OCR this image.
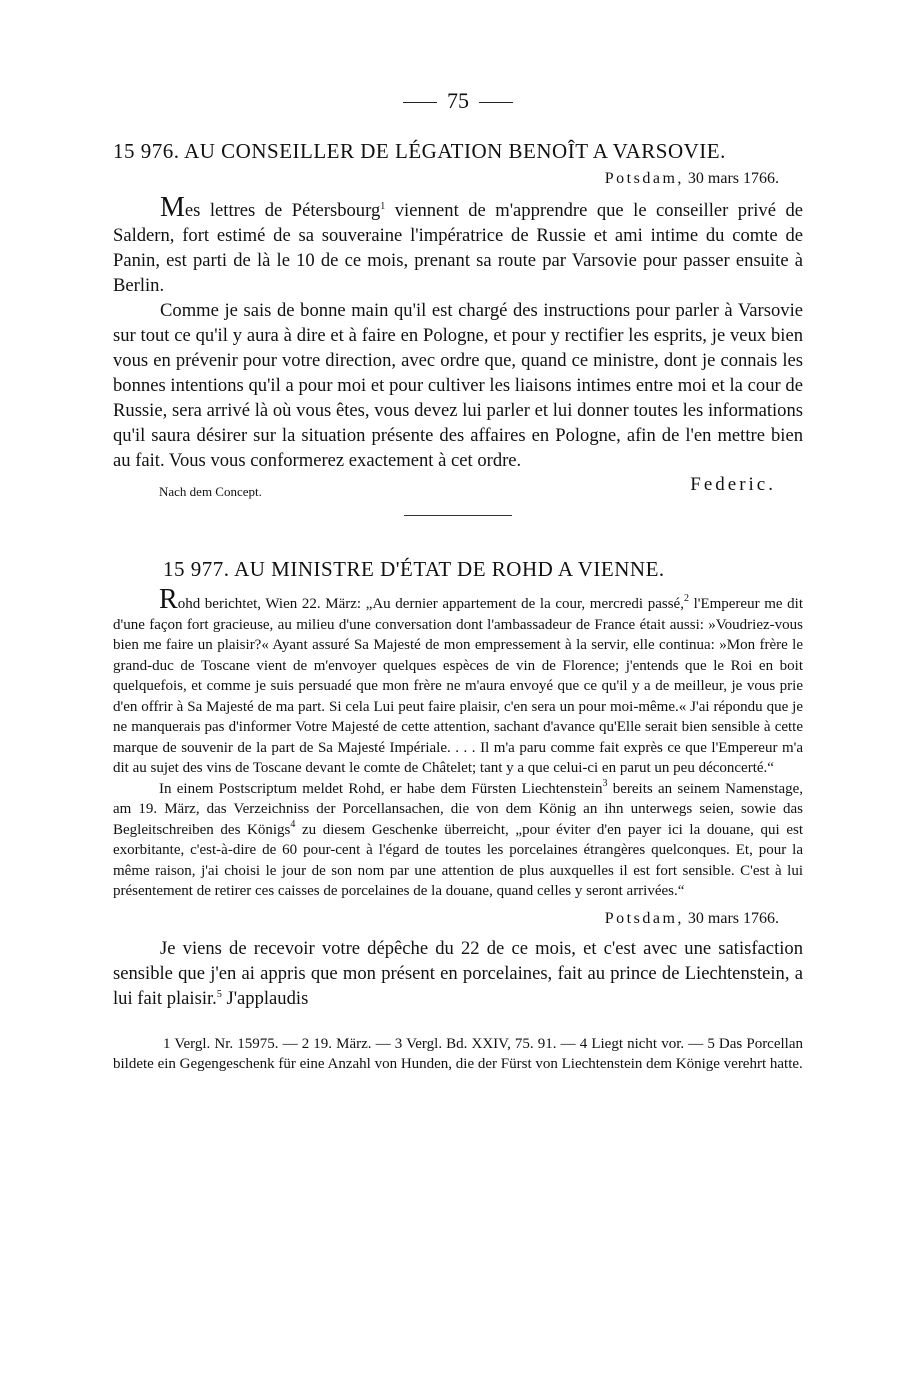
75
15 976. AU CONSEILLER DE LÉGATION BENOÎT A VARSOVIE.
Potsdam, 30 mars 1766.

Mes lettres de Pétersbourg$^1$ viennent de m'apprendre que le conseiller privé de Saldern, fort estimé de sa souveraine l'impératrice de Russie et ami intime du comte de Panin, est parti de là le 10 de ce mois, prenant sa route par Varsovie pour passer ensuite à Berlin.

Comme je sais de bonne main qu'il est chargé des instructions pour parler à Varsovie sur tout ce qu'il y aura à dire et à faire en Pologne, et pour y rectifier les esprits, je veux bien vous en prévenir pour votre direction, avec ordre que, quand ce ministre, dont je connais les bonnes intentions qu'il a pour moi et pour cultiver les liaisons intimes entre moi et la cour de Russie, sera arrivé là où vous êtes, vous devez lui parler et lui donner toutes les informations qu'il saura désirer sur la situation présente des affaires en Pologne, afin de l'en mettre bien au fait. Vous vous conformerez exactement à cet ordre.

Nach dem Concept.	Federic.
15 977. AU MINISTRE D'ÉTAT DE ROHD A VIENNE.

Rohd berichtet, Wien 22. März: „Au dernier appartement de la cour, mercredi passé,$^2$ l'Empereur me dit d'une façon fort gracieuse, au milieu d'une conversation dont l'ambassadeur de France était aussi: »Voudriez-vous bien me faire un plaisir?« Ayant assuré Sa Majesté de mon empressement à la servir, elle continua: »Mon frère le grand-duc de Toscane vient de m'envoyer quelques espèces de vin de Florence; j'entends que le Roi en boit quelquefois, et comme je suis persuadé que mon frère ne m'aura envoyé que ce qu'il y a de meilleur, je vous prie d'en offrir à Sa Majesté de ma part. Si cela Lui peut faire plaisir, c'en sera un pour moi-même.« J'ai répondu que je ne manquerais pas d'informer Votre Majesté de cette attention, sachant d'avance qu'Elle serait bien sensible à cette marque de souvenir de la part de Sa Majesté Impériale. . . . Il m'a paru comme fait exprès ce que l'Empereur m'a dit au sujet des vins de Toscane devant le comte de Châtelet; tant y a que celui-ci en parut un peu déconcerté.“

In einem Postscriptum meldet Rohd, er habe dem Fürsten Liechtenstein$^3$ bereits an seinem Namenstage, am 19. März, das Verzeichniss der Porcellansachen, die von dem König an ihn unterwegs seien, sowie das Begleitschreiben des Königs$^4$ zu diesem Geschenke überreicht, „pour éviter d'en payer ici la douane, qui est exorbitante, c'est-à-dire de 60 pour-cent à l'égard de toutes les porcelaines étrangères quelconques. Et, pour la même raison, j'ai choisi le jour de son nom par une attention de plus auxquelles il est fort sensible. C'est à lui présentement de retirer ces caisses de porcelaines de la douane, quand celles y seront arrivées.“

Potsdam, 30 mars 1766.

Je viens de recevoir votre dépêche du 22 de ce mois, et c'est avec une satisfaction sensible que j'en ai appris que mon présent en porcelaines, fait au prince de Liechtenstein, a lui fait plaisir.$^5$ J'applaudis

1 Vergl. Nr. 15975. — 2 19. März. — 3 Vergl. Bd. XXIV, 75. 91. — 4 Liegt nicht vor. — 5 Das Porcellan bildete ein Gegengeschenk für eine Anzahl von Hunden, die der Fürst von Liechtenstein dem Könige verehrt hatte.
